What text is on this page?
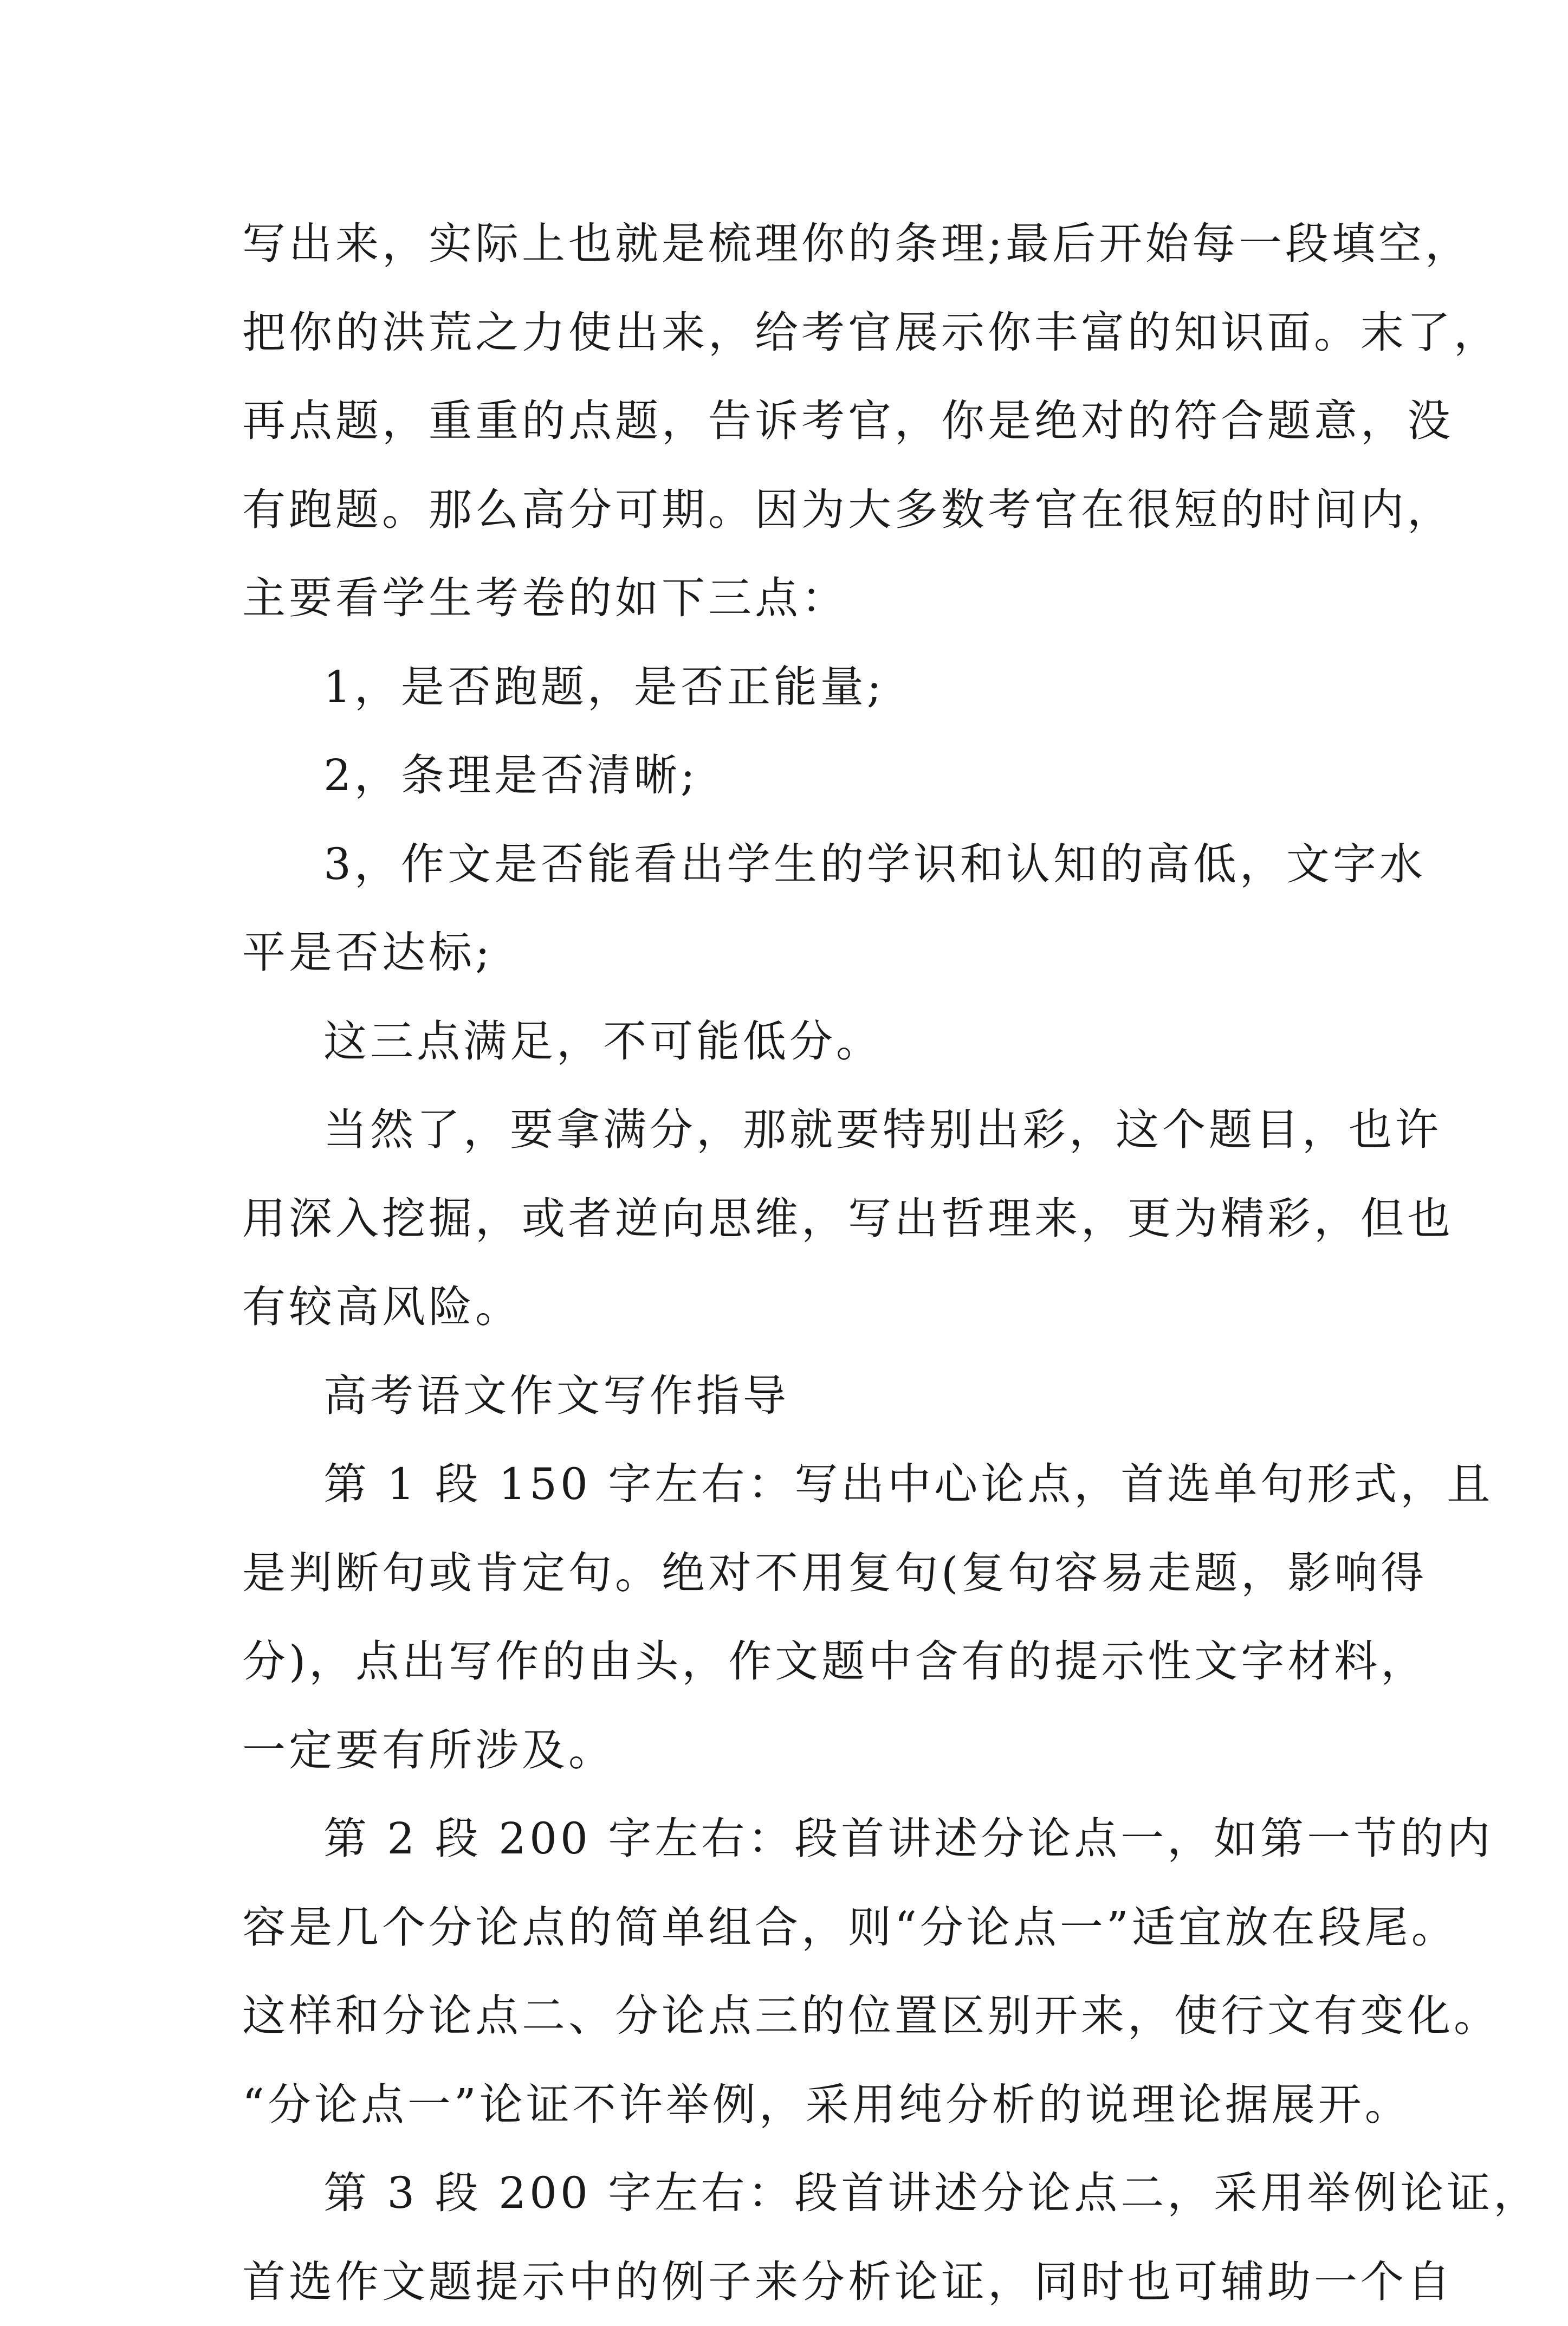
写出来，实际上也就是梳理你的条理;最后开始每一段填空，
把你的洪荒之力使出来，给考官展示你丰富的知识面。末了，
再点题，重重的点题，告诉考官，你是绝对的符合题意，没
有跑题。那么高分可期。因为大多数考官在很短的时间内，
主要看学生考卷的如下三点：
1，是否跑题，是否正能量;
2，条理是否清晰;
3，作文是否能看出学生的学识和认知的高低，文字水
平是否达标;
这三点满足，不可能低分。
当然了，要拿满分，那就要特别出彩，这个题目，也许
用深入挖掘，或者逆向思维，写出哲理来，更为精彩，但也
有较高风险。
高考语文作文写作指导
第 1 段 150 字左右：写出中心论点，首选单句形式，且
是判断句或肯定句。绝对不用复句(复句容易走题，影响得
分)，点出写作的由头，作文题中含有的提示性文字材料，
一定要有所涉及。
第 2 段 200 字左右：段首讲述分论点一，如第一节的内
容是几个分论点的简单组合，则“分论点一”适宜放在段尾。
这样和分论点二、分论点三的位置区别开来，使行文有变化。
“分论点一”论证不许举例，采用纯分析的说理论据展开。
第 3 段 200 字左右：段首讲述分论点二，采用举例论证，
首选作文题提示中的例子来分析论证，同时也可辅助一个自
